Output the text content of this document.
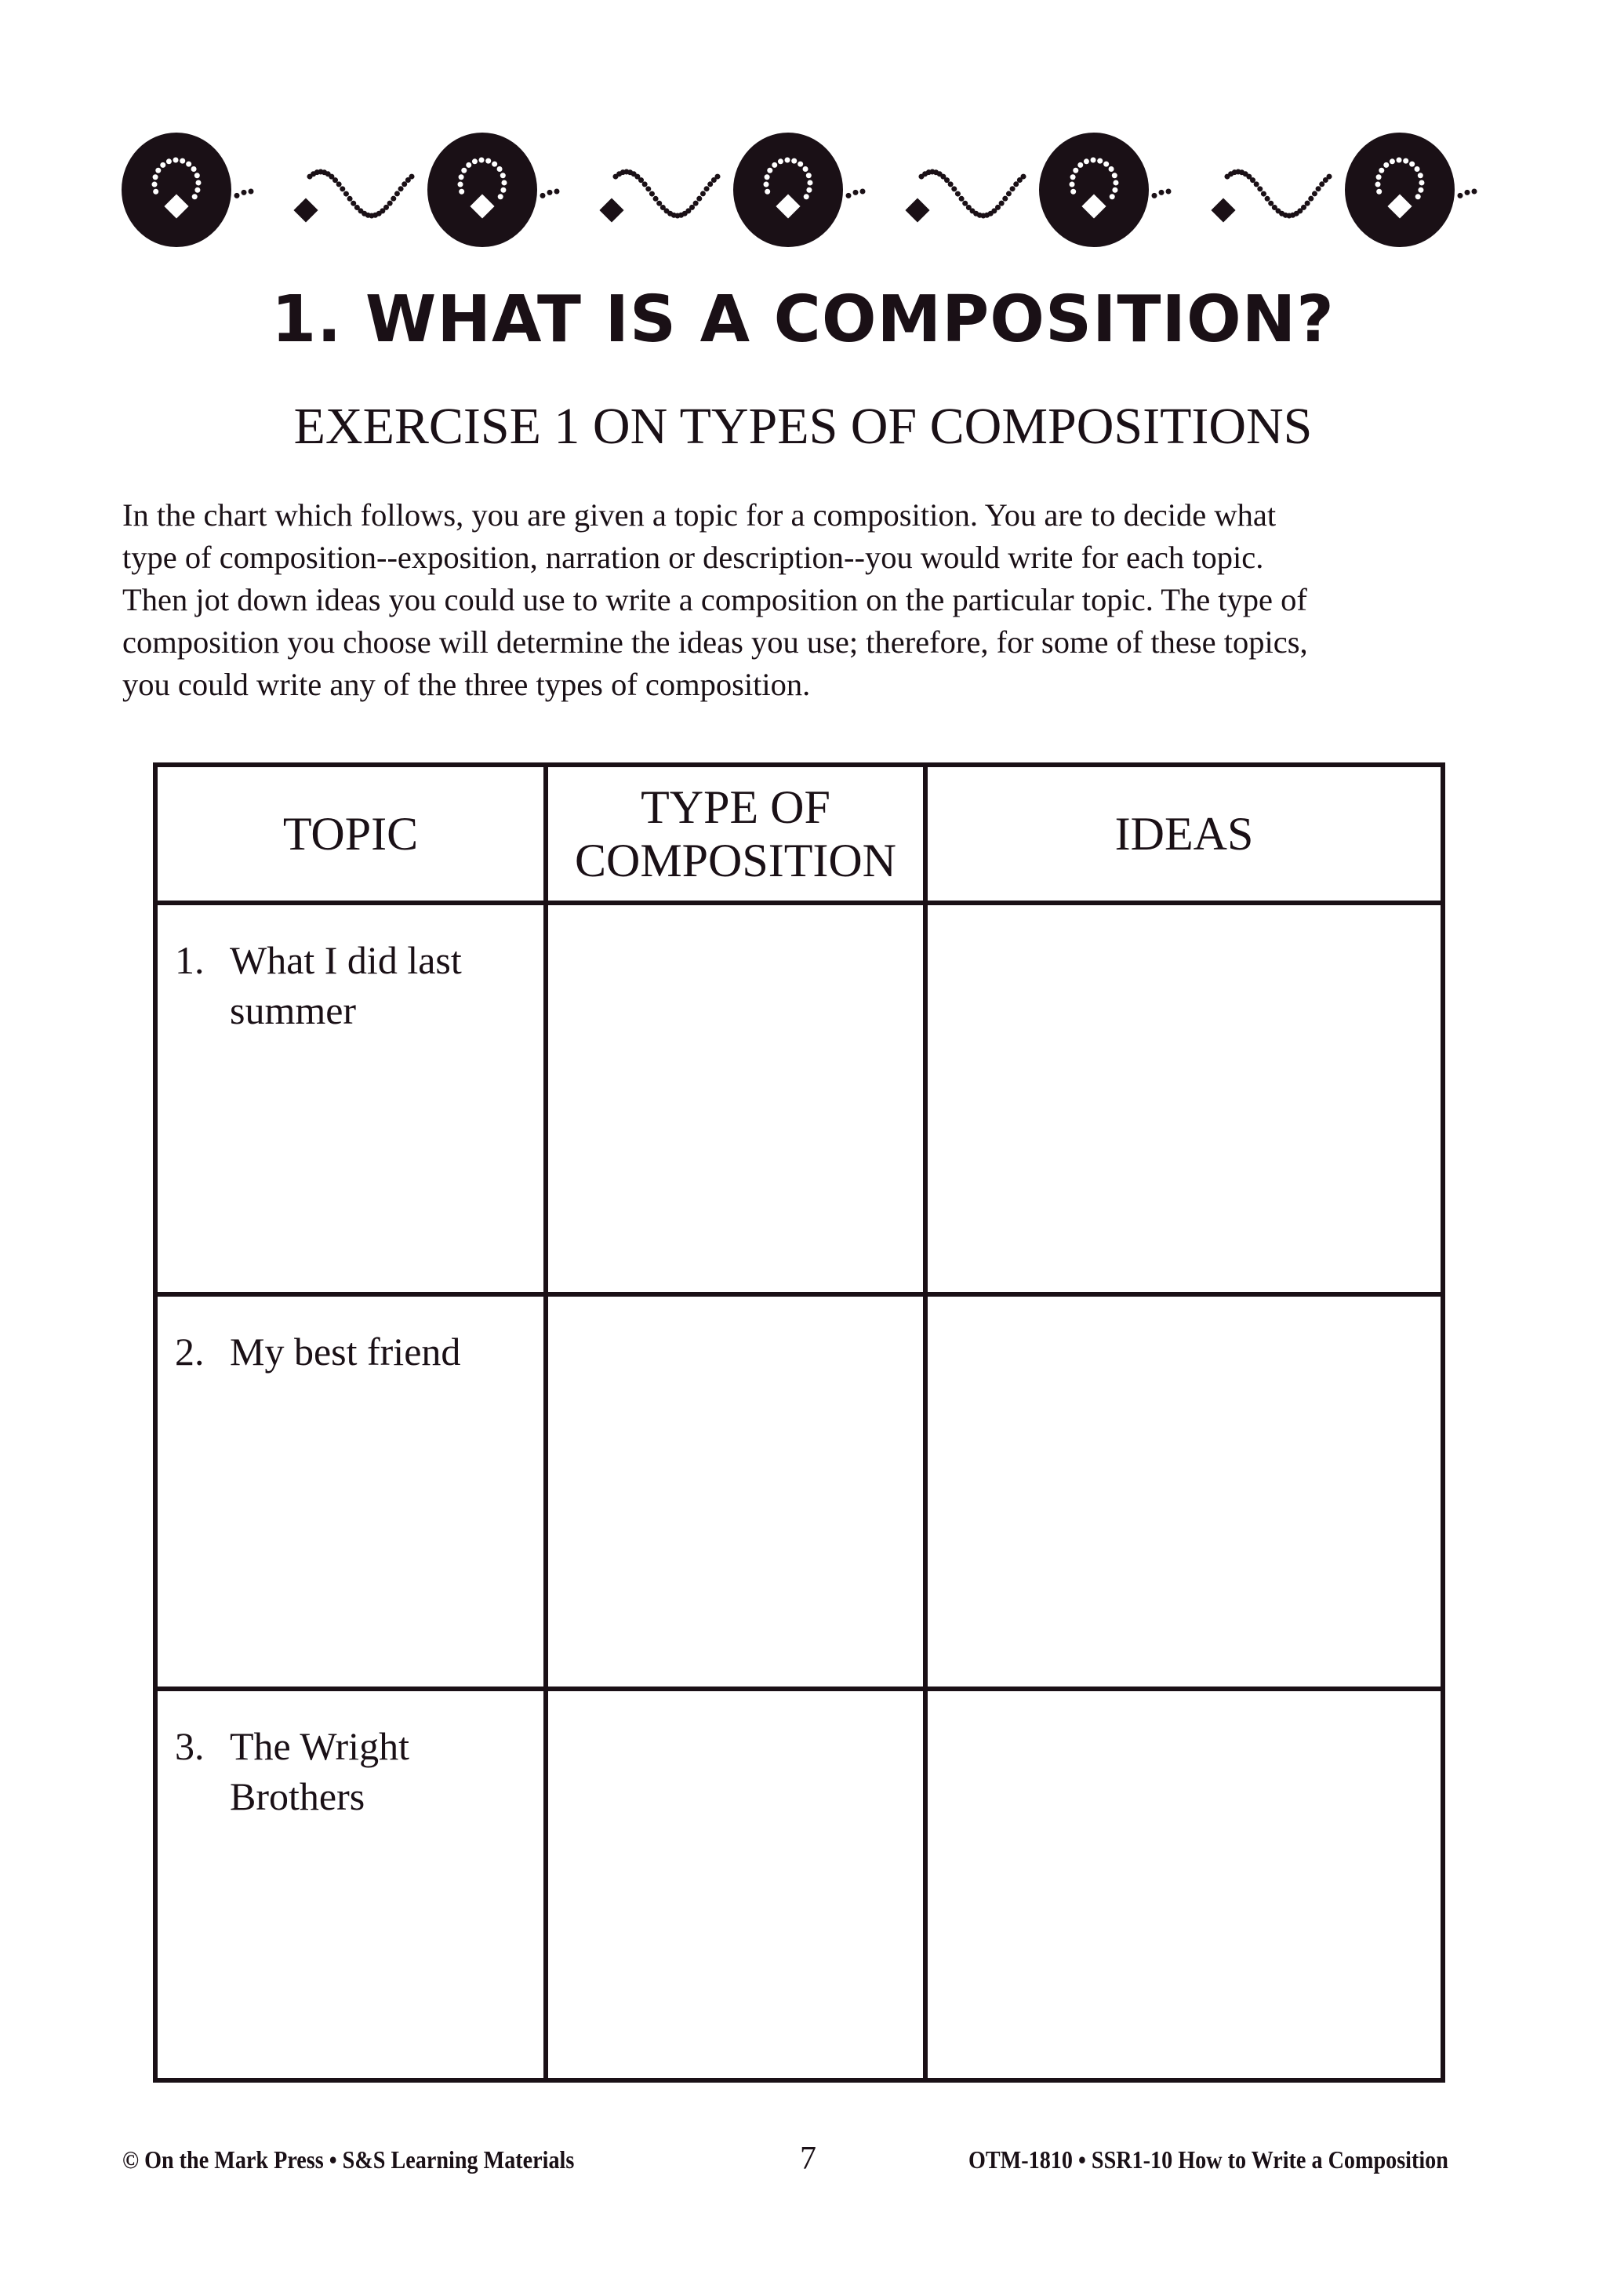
1. WHAT IS A COMPOSITION?
EXERCISE 1 ON TYPES OF COMPOSITIONS
In the chart which follows, you are given a topic for a composition. You are to decide what
type of composition--exposition, narration or description--you would write for each topic.
Then jot down ideas you could use to write a composition on the particular topic. The type of
composition you choose will determine the ideas you use; therefore, for some of these topics,
you could write any of the three types of composition.
TOPIC	TYPE OF COMPOSITION	IDEAS
1. What I did last summer		
2. My best friend		
3. The Wright Brothers		
© On the Mark Press • S&S Learning Materials	7	OTM-1810 • SSR1-10 How to Write a Composition
